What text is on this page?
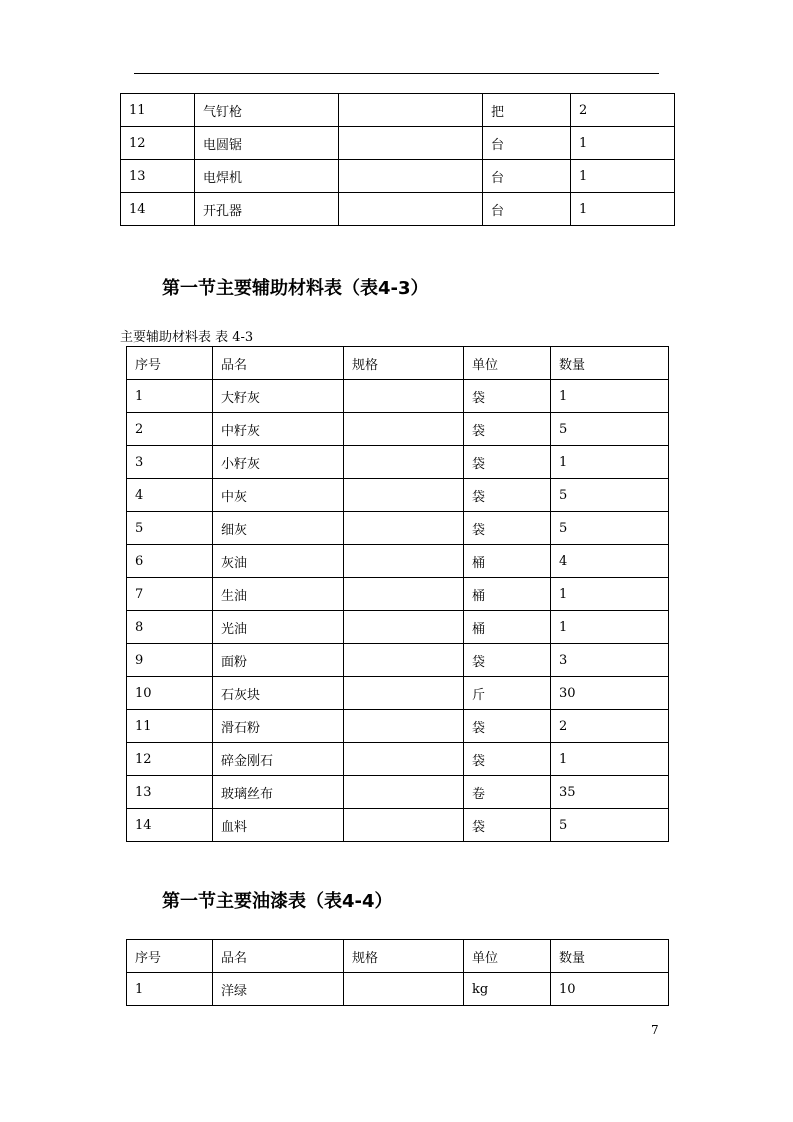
11	气钉枪		把	2
12	电圆锯		台	1
13	电焊机		台	1
14	开孔器		台	1
第一节主要辅助材料表（表4-3）
主要辅助材料表 表 4-3
序号	品名	规格	单位	数量
1	大籽灰		袋	1
2	中籽灰		袋	5
3	小籽灰		袋	1
4	中灰		袋	5
5	细灰		袋	5
6	灰油		桶	4
7	生油		桶	1
8	光油		桶	1
9	面粉		袋	3
10	石灰块		斤	30
11	滑石粉		袋	2
12	碎金刚石		袋	1
13	玻璃丝布		卷	35
14	血料		袋	5
第一节主要油漆表（表4-4）
序号	品名	规格	单位	数量
1	洋绿		kg	10
7
